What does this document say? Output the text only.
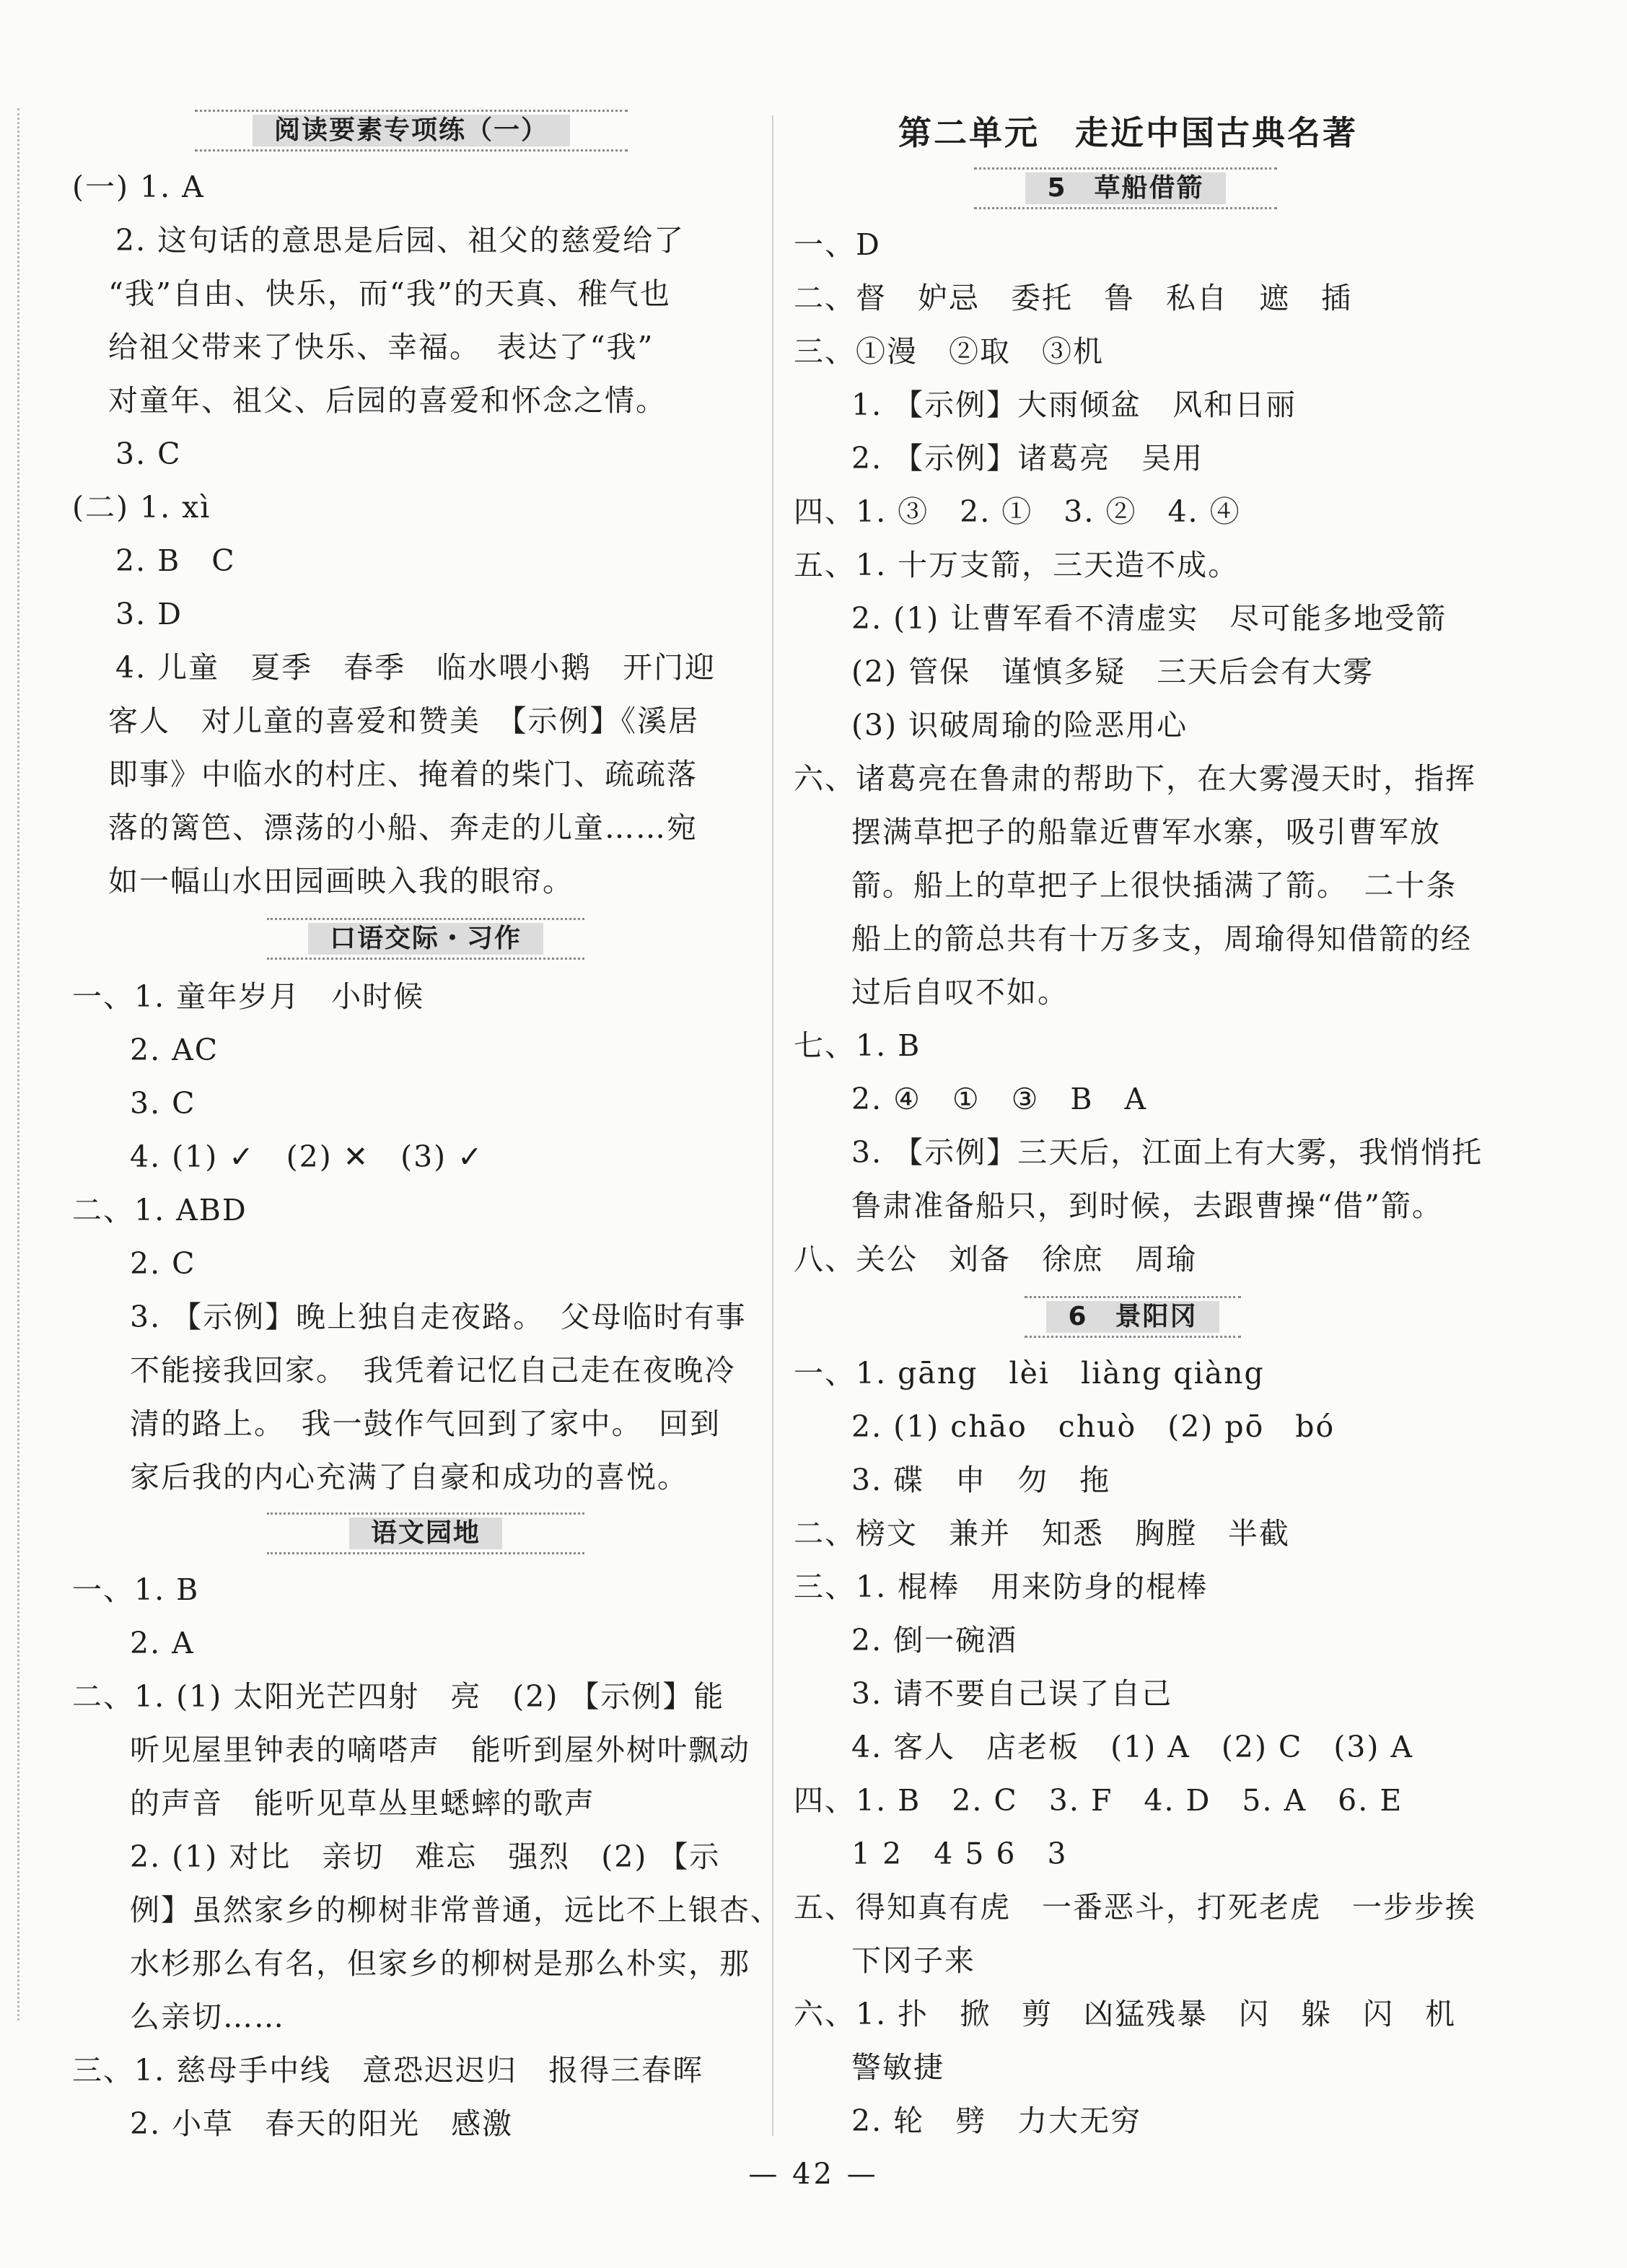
阅读要素专项练（一）
(一) 1. A
2. 这句话的意思是后园、祖父的慈爱给了
“我”自由、快乐，而“我”的天真、稚气也
给祖父带来了快乐、幸福。　表达了“我”
对童年、祖父、后园的喜爱和怀念之情。
3. C
(二) 1. xì
2. B　C
3. D
4. 儿童　夏季　春季　临水喂小鹅　开门迎
客人　对儿童的喜爱和赞美　【示例】《溪居
即事》中临水的村庄、掩着的柴门、疏疏落
落的篱笆、漂荡的小船、奔走的儿童……宛
如一幅山水田园画映入我的眼帘。
口语交际・习作
一、1. 童年岁月　小时候
2. AC
3. C
4. (1) ✓　(2) ✕　(3) ✓
二、1. ABD
2. C
3. 【示例】晚上独自走夜路。　父母临时有事
不能接我回家。　我凭着记忆自己走在夜晚冷
清的路上。　我一鼓作气回到了家中。　回到
家后我的内心充满了自豪和成功的喜悦。
语文园地
一、1. B
2. A
二、1. (1) 太阳光芒四射　亮　(2) 【示例】能
听见屋里钟表的嘀嗒声　能听到屋外树叶飘动
的声音　能听见草丛里蟋蟀的歌声
2. (1) 对比　亲切　难忘　强烈　(2) 【示
例】虽然家乡的柳树非常普通，远比不上银杏、
水杉那么有名，但家乡的柳树是那么朴实，那
么亲切……
三、1. 慈母手中线　意恐迟迟归　报得三春晖
2. 小草　春天的阳光　感激
第二单元　走近中国古典名著
5　草船借箭
一、D
二、督　妒忌　委托　鲁　私自　遮　插
三、①漫　②取　③机
1. 【示例】大雨倾盆　风和日丽
2. 【示例】诸葛亮　吴用
四、1. ③　2. ①　3. ②　4. ④
五、1. 十万支箭，三天造不成。
2. (1) 让曹军看不清虚实　尽可能多地受箭
(2) 管保　谨慎多疑　三天后会有大雾
(3) 识破周瑜的险恶用心
六、诸葛亮在鲁肃的帮助下，在大雾漫天时，指挥
摆满草把子的船靠近曹军水寨，吸引曹军放
箭。船上的草把子上很快插满了箭。　二十条
船上的箭总共有十万多支，周瑜得知借箭的经
过后自叹不如。
七、1. B
2. ④　①　③　B　A
3. 【示例】三天后，江面上有大雾，我悄悄托
鲁肃准备船只，到时候，去跟曹操“借”箭。
八、关公　刘备　徐庶　周瑜
6　景阳冈
一、1. gāng　lèi　liàng qiàng
2. (1) chāo　chuò　(2) pō　bó
3. 碟　申　勿　拖
二、榜文　兼并　知悉　胸膛　半截
三、1. 棍棒　用来防身的棍棒
2. 倒一碗酒
3. 请不要自己误了自己
4. 客人　店老板　(1) A　(2) C　(3) A
四、1. B　2. C　3. F　4. D　5. A　6. E
1 2　4 5 6　3
五、得知真有虎　一番恶斗，打死老虎　一步步挨
下冈子来
六、1. 扑　掀　剪　凶猛残暴　闪　躲　闪　机
警敏捷
2. 轮　劈　力大无穷
— 42 —
